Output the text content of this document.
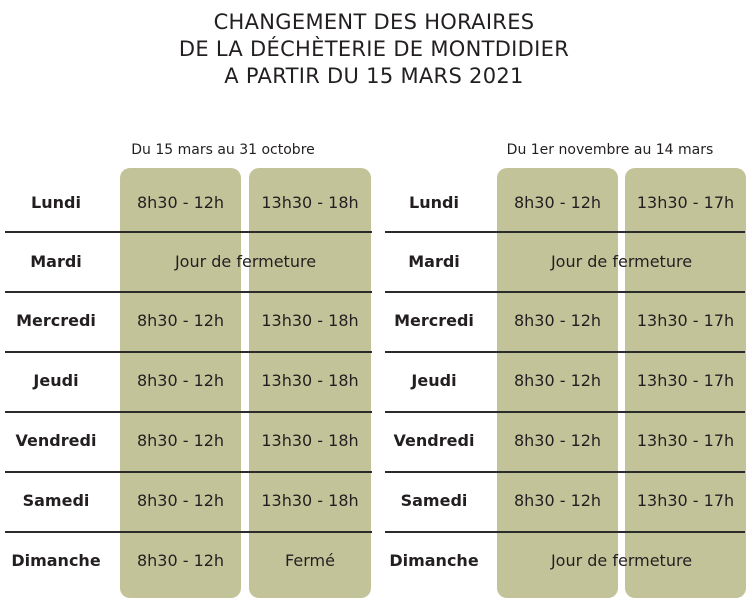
CHANGEMENT DES HORAIRES
DE LA DÉCHÈTERIE DE MONTDIDIER
A PARTIR DU 15 MARS 2021
Du 15 mars au 31 octobre	Du 1er novembre au 14 mars
Lundi	8h30 - 12h	13h30 - 18h
Mardi	Jour de fermeture
Mercredi	8h30 - 12h	13h30 - 18h
Jeudi	8h30 - 12h	13h30 - 18h
Vendredi	8h30 - 12h	13h30 - 18h
Samedi	8h30 - 12h	13h30 - 18h
Dimanche	8h30 - 12h	Fermé
Lundi	8h30 - 12h	13h30 - 17h
Mardi	Jour de fermeture
Mercredi	8h30 - 12h	13h30 - 17h
Jeudi	8h30 - 12h	13h30 - 17h
Vendredi	8h30 - 12h	13h30 - 17h
Samedi	8h30 - 12h	13h30 - 17h
Dimanche	Jour de fermeture
